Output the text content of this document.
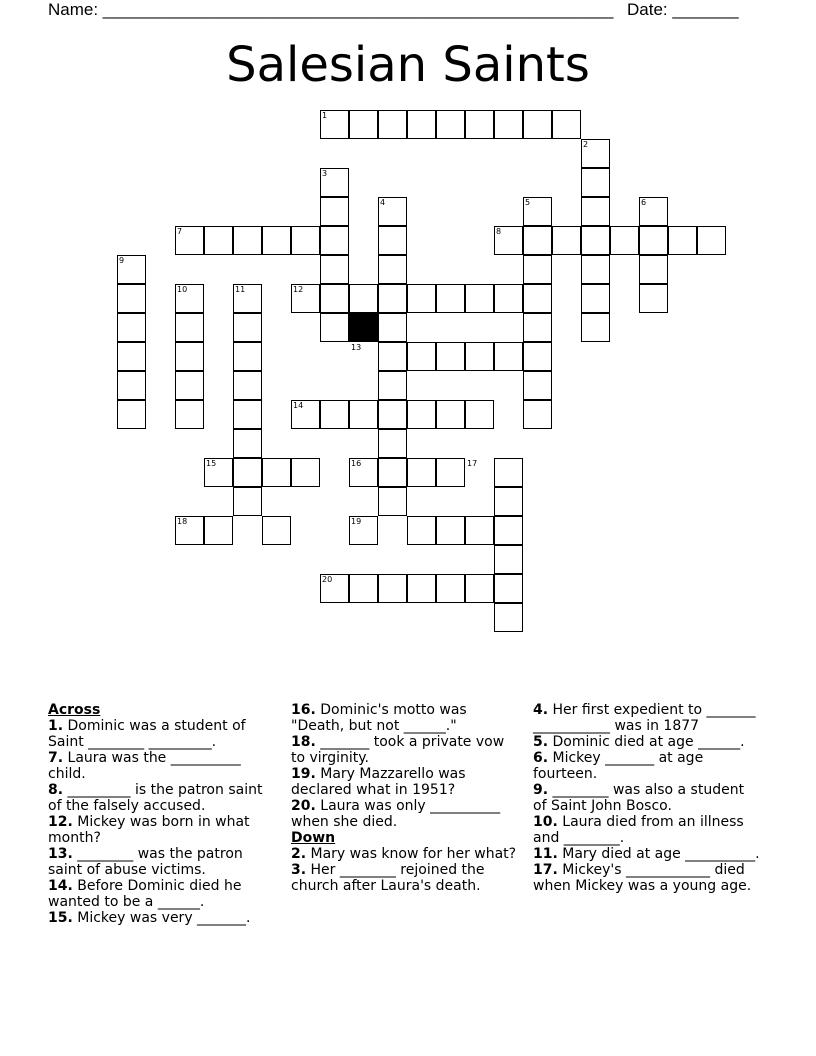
Name: ______________________________________________________ Date: _______
Salesian Saints
1
2
3
4	5	6
7	8
9
10	11	12
13
14
15	16	17
18	19
20
Across
1. Dominic was a student of Saint ________ _________.
7. Laura was the __________ child.
8. _________ is the patron saint of the falsely accused.
12. Mickey was born in what month?
13. ________ was the patron saint of abuse victims.
14. Before Dominic died he wanted to be a ______.
15. Mickey was very _______.
16. Dominic's motto was "Death, but not ______."
18. _______ took a private vow to virginity.
19. Mary Mazzarello was declared what in 1951?
20. Laura was only __________ when she died.
Down
2. Mary was know for her what?
3. Her ________ rejoined the church after Laura's death.
4. Her first expedient to _______ ___________ was in 1877
5. Dominic died at age ______.
6. Mickey _______ at age fourteen.
9. ________ was also a student of Saint John Bosco.
10. Laura died from an illness and ________.
11. Mary died at age __________.
17. Mickey's ____________ died when Mickey was a young age.
